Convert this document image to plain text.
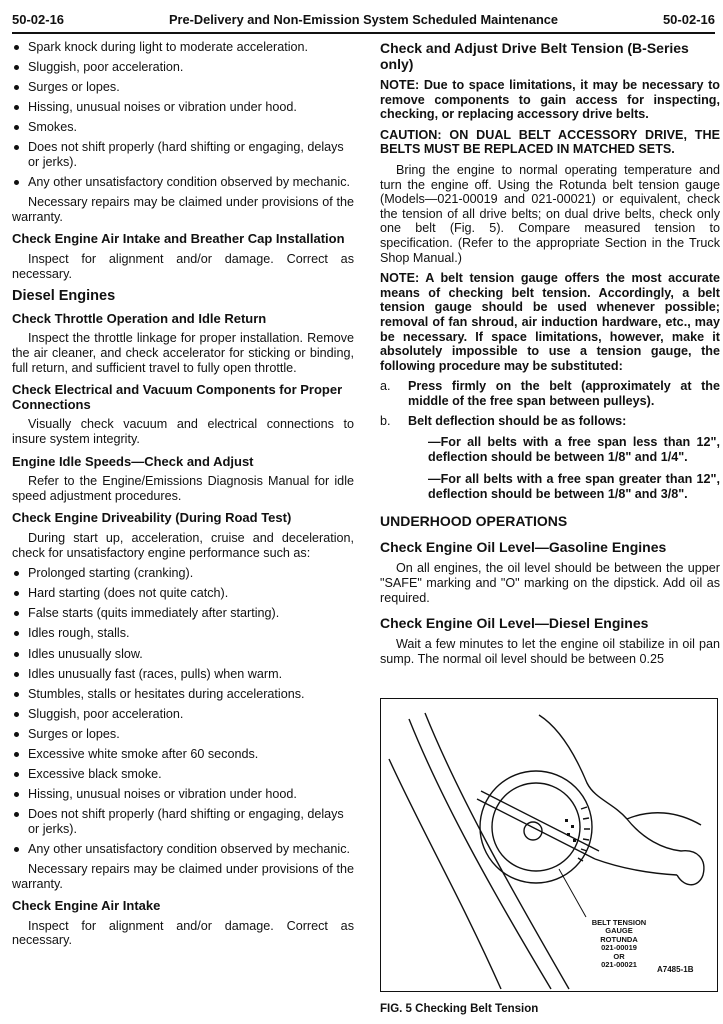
50-02-16	Pre-Delivery and Non-Emission System Scheduled Maintenance	50-02-16
Spark knock during light to moderate acceleration.
Sluggish, poor acceleration.
Surges or lopes.
Hissing, unusual noises or vibration under hood.
Smokes.
Does not shift properly (hard shifting or engaging, delays or jerks).
Any other unsatisfactory condition observed by mechanic.

Necessary repairs may be claimed under provisions of the warranty.

Check Engine Air Intake and Breather Cap Installation

Inspect for alignment and/or damage. Correct as necessary.

Diesel Engines
Check Throttle Operation and Idle Return

Inspect the throttle linkage for proper installation. Remove the air cleaner, and check accelerator for sticking or binding, full return, and sufficient travel to fully open throttle.

Check Electrical and Vacuum Components for Proper Connections

Visually check vacuum and electrical connections to insure system integrity.

Engine Idle Speeds—Check and Adjust

Refer to the Engine/Emissions Diagnosis Manual for idle speed adjustment procedures.

Check Engine Driveability (During Road Test)

During start up, acceleration, cruise and deceleration, check for unsatisfactory engine performance such as:

Prolonged starting (cranking).
Hard starting (does not quite catch).
False starts (quits immediately after starting).
Idles rough, stalls.
Idles unusually slow.
Idles unusually fast (races, pulls) when warm.
Stumbles, stalls or hesitates during accelerations.
Sluggish, poor acceleration.
Surges or lopes.
Excessive white smoke after 60 seconds.
Excessive black smoke.
Hissing, unusual noises or vibration under hood.
Does not shift properly (hard shifting or engaging, delays or jerks).
Any other unsatisfactory condition observed by mechanic.

Necessary repairs may be claimed under provisions of the warranty.

Check Engine Air Intake

Inspect for alignment and/or damage. Correct as necessary.

Check and Adjust Drive Belt Tension (B-Series only)

NOTE: Due to space limitations, it may be necessary to remove components to gain access for inspecting, checking, or replacing accessory drive belts.

CAUTION: ON DUAL BELT ACCESSORY DRIVE, THE BELTS MUST BE REPLACED IN MATCHED SETS.

Bring the engine to normal operating temperature and turn the engine off. Using the Rotunda belt tension gauge (Models—021-00019 and 021-00021) or equivalent, check the tension of all drive belts; on dual drive belts, check only one belt (Fig. 5). Compare measured tension to specification. (Refer to the appropriate Section in the Truck Shop Manual.)

NOTE: A belt tension gauge offers the most accurate means of checking belt tension. Accordingly, a belt tension gauge should be used whenever possible; removal of fan shroud, air induction hardware, etc., may be necessary. If space limitations, however, make it absolutely impossible to use a tension gauge, the following procedure may be substituted:

a.	Press firmly on the belt (approximately at the middle of the free span between pulleys).
b.	Belt deflection should be as follows:

—For all belts with a free span less than 12", deflection should be between 1/8" and 1/4".

—For all belts with a free span greater than 12", deflection should be between 1/8" and 3/8".

UNDERHOOD OPERATIONS
Check Engine Oil Level—Gasoline Engines

On all engines, the oil level should be between the upper "SAFE" marking and "O" marking on the dipstick. Add oil as required.

Check Engine Oil Level—Diesel Engines

Wait a few minutes to let the engine oil stabilize in oil pan sump. The normal oil level should be between 0.25

BELT TENSION
GAUGE
ROTUNDA
021-00019
OR
021-00021
A7485-1B
FIG. 5 Checking Belt Tension
